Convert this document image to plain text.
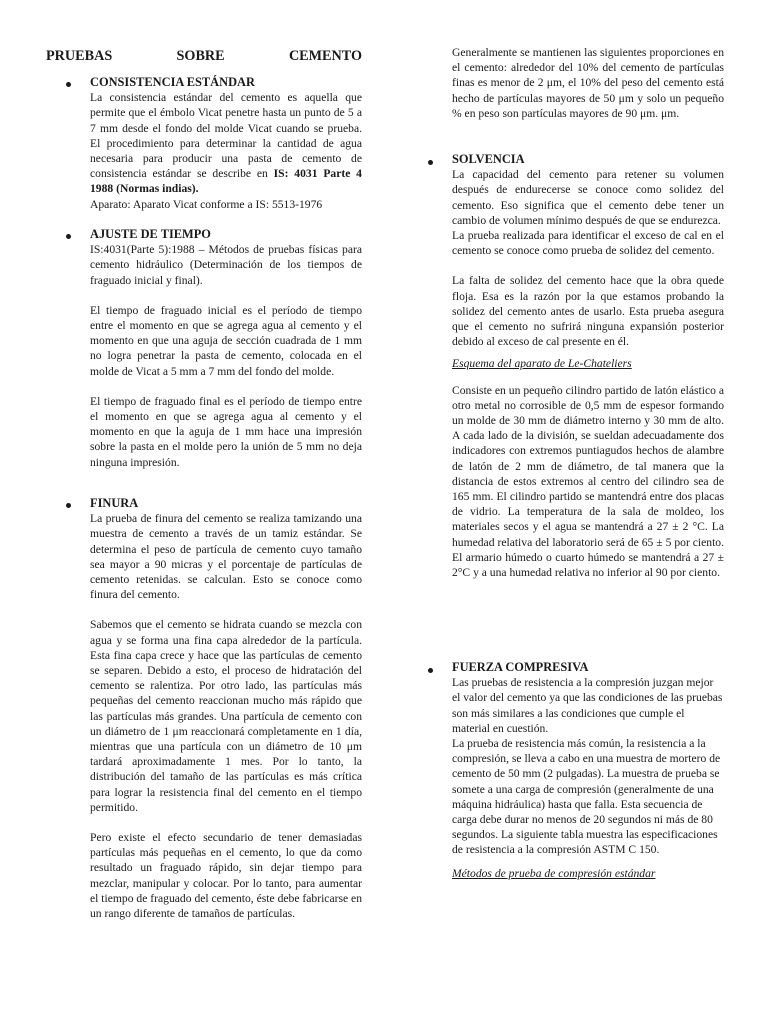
PRUEBAS	SOBRE	CEMENTO
CONSISTENCIA ESTÁNDAR

La consistencia estándar del cemento es aquella que permite que el émbolo Vicat penetre hasta un punto de 5 a 7 mm desde el fondo del molde Vicat cuando se prueba. El procedimiento para determinar la cantidad de agua necesaria para producir una pasta de cemento de consistencia estándar se describe en IS: 4031 Parte 4 1988 (Normas indias).

Aparato: Aparato Vicat conforme a IS: 5513-1976

AJUSTE DE TIEMPO

IS:4031(Parte 5):1988 – Métodos de pruebas físicas para cemento hidráulico (Determinación de los tiempos de fraguado inicial y final).

El tiempo de fraguado inicial es el período de tiempo entre el momento en que se agrega agua al cemento y el momento en que una aguja de sección cuadrada de 1 mm no logra penetrar la pasta de cemento, colocada en el molde de Vicat a 5 mm a 7 mm del fondo del molde.

El tiempo de fraguado final es el período de tiempo entre el momento en que se agrega agua al cemento y el momento en que la aguja de 1 mm hace una impresión sobre la pasta en el molde pero la unión de 5 mm no deja ninguna impresión.

FINURA

La prueba de finura del cemento se realiza tamizando una muestra de cemento a través de un tamiz estándar. Se determina el peso de partícula de cemento cuyo tamaño sea mayor a 90 micras y el porcentaje de partículas de cemento retenidas. se calculan. Esto se conoce como finura del cemento.

Sabemos que el cemento se hidrata cuando se mezcla con agua y se forma una fina capa alrededor de la partícula. Esta fina capa crece y hace que las partículas de cemento se separen. Debido a esto, el proceso de hidratación del cemento se ralentiza. Por otro lado, las partículas más pequeñas del cemento reaccionan mucho más rápido que las partículas más grandes. Una partícula de cemento con un diámetro de 1 μm reaccionará completamente en 1 día, mientras que una partícula con un diámetro de 10 μm tardará aproximadamente 1 mes. Por lo tanto, la distribución del tamaño de las partículas es más crítica para lograr la resistencia final del cemento en el tiempo permitido.

Pero existe el efecto secundario de tener demasiadas partículas más pequeñas en el cemento, lo que da como resultado un fraguado rápido, sin dejar tiempo para mezclar, manipular y colocar. Por lo tanto, para aumentar el tiempo de fraguado del cemento, éste debe fabricarse en un rango diferente de tamaños de partículas.

Generalmente se mantienen las siguientes proporciones en el cemento: alrededor del 10% del cemento de partículas finas es menor de 2 μm, el 10% del peso del cemento está hecho de partículas mayores de 50 μm y solo un pequeño % en peso son partículas mayores de 90 μm. μm.

SOLVENCIA

La capacidad del cemento para retener su volumen después de endurecerse se conoce como solidez del cemento. Eso significa que el cemento debe tener un cambio de volumen mínimo después de que se endurezca.

La prueba realizada para identificar el exceso de cal en el cemento se conoce como prueba de solidez del cemento.

La falta de solidez del cemento hace que la obra quede floja. Esa es la razón por la que estamos probando la solidez del cemento antes de usarlo. Esta prueba asegura que el cemento no sufrirá ninguna expansión posterior debido al exceso de cal presente en él.

Esquema del aparato de Le-Chateliers

Consiste en un pequeño cilindro partido de latón elástico a otro metal no corrosible de 0,5 mm de espesor formando un molde de 30 mm de diámetro interno y 30 mm de alto. A cada lado de la división, se sueldan adecuadamente dos indicadores con extremos puntiagudos hechos de alambre de latón de 2 mm de diámetro, de tal manera que la distancia de estos extremos al centro del cilindro sea de 165 mm. El cilindro partido se mantendrá entre dos placas de vidrio. La temperatura de la sala de moldeo, los materiales secos y el agua se mantendrá a 27 ± 2 °C. La humedad relativa del laboratorio será de 65 ± 5 por ciento. El armario húmedo o cuarto húmedo se mantendrá a 27 ± 2°C y a una humedad relativa no inferior al 90 por ciento.

FUERZA COMPRESIVA

Las pruebas de resistencia a la compresión juzgan mejor el valor del cemento ya que las condiciones de las pruebas son más similares a las condiciones que cumple el material en cuestión.

La prueba de resistencia más común, la resistencia a la compresión, se lleva a cabo en una muestra de mortero de cemento de 50 mm (2 pulgadas). La muestra de prueba se somete a una carga de compresión (generalmente de una máquina hidráulica) hasta que falla. Esta secuencia de carga debe durar no menos de 20 segundos ni más de 80 segundos. La siguiente tabla muestra las especificaciones de resistencia a la compresión ASTM C 150.

Métodos de prueba de compresión estándar
